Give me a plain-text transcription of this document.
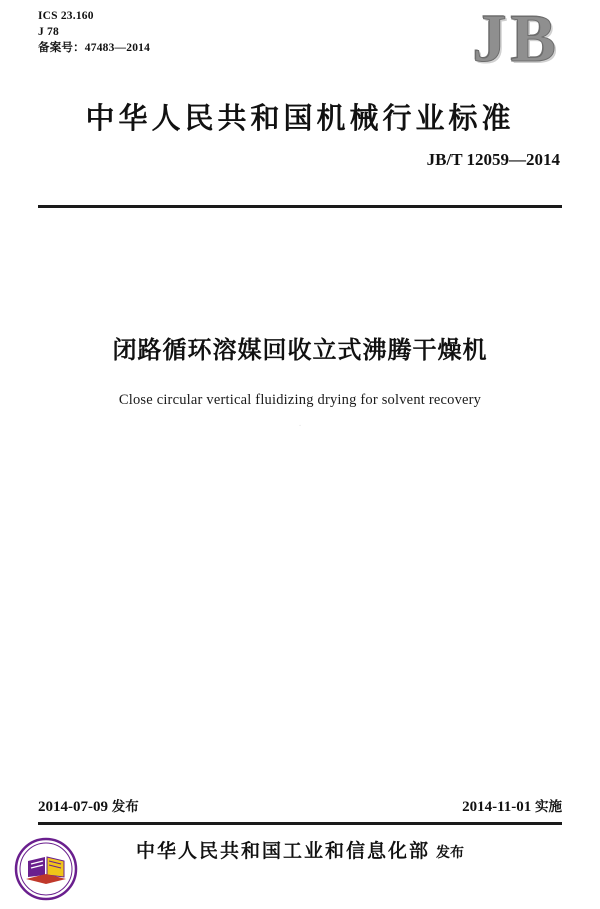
ICS 23.160
J 78
备案号：47483—2014	JB
中华人民共和国机械行业标准
JB/T 12059—2014
闭路循环溶媒回收立式沸腾干燥机
Close circular vertical fluidizing drying for solvent recovery
·
2014-07-09 发布	2014-11-01 实施
中华人民共和国工业和信息化部 发布
